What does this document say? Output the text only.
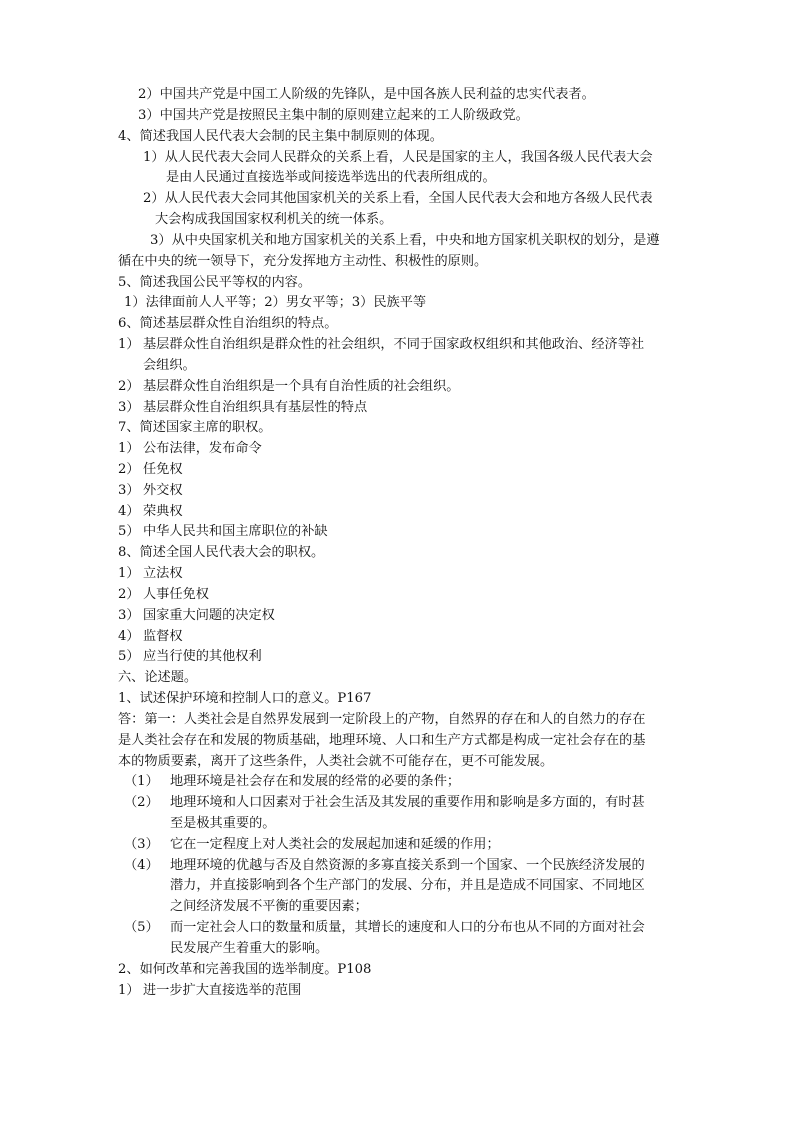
2）中国共产党是中国工人阶级的先锋队，是中国各族人民利益的忠实代表者。
3）中国共产党是按照民主集中制的原则建立起来的工人阶级政党。
4、简述我国人民代表大会制的民主集中制原则的体现。
1）从人民代表大会同人民群众的关系上看，人民是国家的主人，我国各级人民代表大会
是由人民通过直接选举或间接选举选出的代表所组成的。
2）从人民代表大会同其他国家机关的关系上看，全国人民代表大会和地方各级人民代表
大会构成我国国家权利机关的统一体系。
3）从中央国家机关和地方国家机关的关系上看，中央和地方国家机关职权的划分，是遵
循在中央的统一领导下，充分发挥地方主动性、积极性的原则。
5、简述我国公民平等权的内容。
1）法律面前人人平等；2）男女平等；3）民族平等
6、简述基层群众性自治组织的特点。
1） 基层群众性自治组织是群众性的社会组织，不同于国家政权组织和其他政治、经济等社
会组织。
2） 基层群众性自治组织是一个具有自治性质的社会组织。
3） 基层群众性自治组织具有基层性的特点
7、简述国家主席的职权。
1） 公布法律，发布命令
2） 任免权
3） 外交权
4） 荣典权
5） 中华人民共和国主席职位的补缺
8、简述全国人民代表大会的职权。
1） 立法权
2） 人事任免权
3） 国家重大问题的决定权
4） 监督权
5） 应当行使的其他权利
六、论述题。
1、试述保护环境和控制人口的意义。P167
答：第一：人类社会是自然界发展到一定阶段上的产物，自然界的存在和人的自然力的存在
是人类社会存在和发展的物质基础，地理环境、人口和生产方式都是构成一定社会存在的基
本的物质要素，离开了这些条件，人类社会就不可能存在，更不可能发展。
（1） 地理环境是社会存在和发展的经常的必要的条件；
（2） 地理环境和人口因素对于社会生活及其发展的重要作用和影响是多方面的，有时甚
至是极其重要的。
（3） 它在一定程度上对人类社会的发展起加速和延缓的作用；
（4） 地理环境的优越与否及自然资源的多寡直接关系到一个国家、一个民族经济发展的
潜力，并直接影响到各个生产部门的发展、分布，并且是造成不同国家、不同地区
之间经济发展不平衡的重要因素；
（5） 而一定社会人口的数量和质量，其增长的速度和人口的分布也从不同的方面对社会
民发展产生着重大的影响。
2、如何改革和完善我国的选举制度。P108
1） 进一步扩大直接选举的范围
